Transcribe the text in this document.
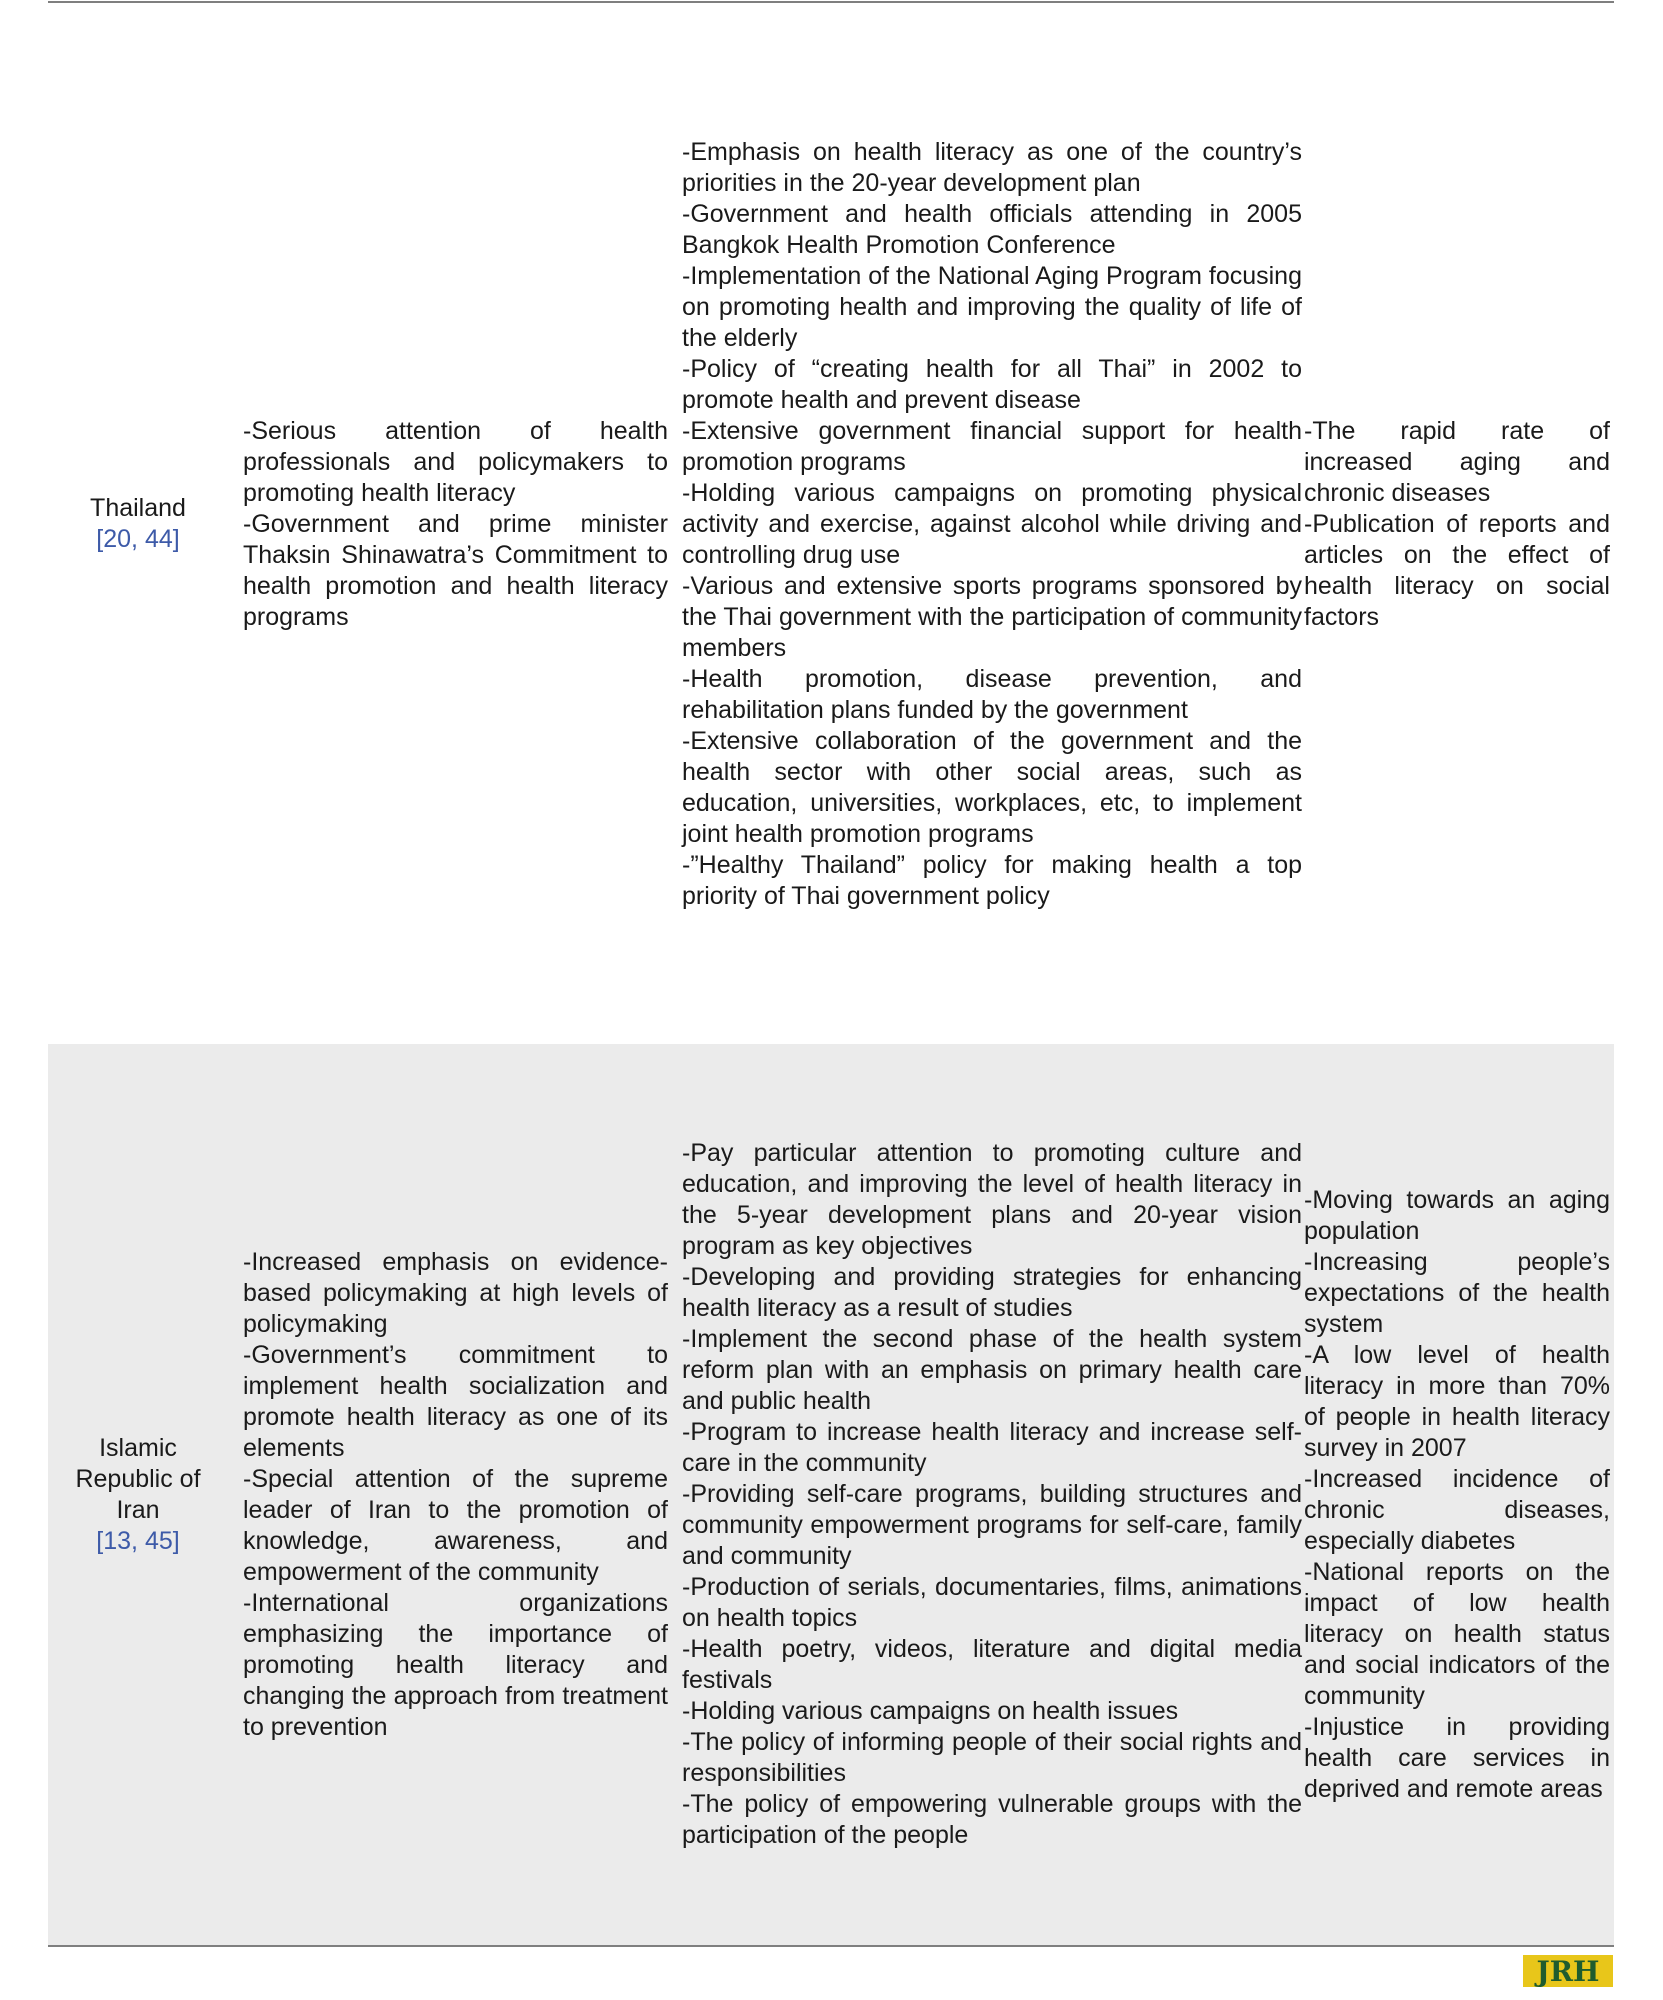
Thailand
[20, 44]

-Serious attention of health professionals and policymakers to promoting health literacy

-Government and prime minister Thaksin Shinawatra’s Commitment to health promotion and health literacy programs

-Emphasis on health literacy as one of the country’s priorities in the 20-year development plan

-Government and health officials attending in 2005 Bangkok Health Promotion Conference

-Implementation of the National Aging Program focusing on promoting health and improving the quality of life of the elderly

-Policy of “creating health for all Thai” in 2002 to promote health and prevent disease

-Extensive government financial support for health promotion programs

-Holding various campaigns on promoting physical activity and exercise, against alcohol while driving and controlling drug use

-Various and extensive sports programs sponsored by the Thai government with the participation of community members

-Health promotion, disease prevention, and rehabilitation plans funded by the government

-Extensive collaboration of the government and the health sector with other social areas, such as education, universities, workplaces, etc, to implement joint health promotion programs

-”Healthy Thailand” policy for making health a top priority of Thai government policy

-The rapid rate of increased aging and chronic diseases

-Publication of reports and articles on the effect of health literacy on social factors

Islamic Republic of Iran
[13, 45]

-Increased emphasis on evidence-based policymaking at high levels of policymaking

-Government’s commitment to implement health socialization and promote health literacy as one of its elements

-Special attention of the supreme leader of Iran to the promotion of knowledge, awareness, and empowerment of the community

-International organizations emphasizing the importance of promoting health literacy and changing the approach from treatment to prevention

-Pay particular attention to promoting culture and education, and improving the level of health literacy in the 5-year development plans and 20-year vision program as key objectives

-Developing and providing strategies for enhancing health literacy as a result of studies

-Implement the second phase of the health system reform plan with an emphasis on primary health care and public health

-Program to increase health literacy and increase self-care in the community

-Providing self-care programs, building structures and community empowerment programs for self-care, family and community

-Production of serials, documentaries, films, animations on health topics

-Health poetry, videos, literature and digital media festivals

-Holding various campaigns on health issues

-The policy of informing people of their social rights and responsibilities

-The policy of empowering vulnerable groups with the participation of the people

-Moving towards an aging population

-Increasing people’s expectations of the health system

-A low level of health literacy in more than 70% of people in health literacy survey in 2007

-Increased incidence of chronic diseases, especially diabetes

-National reports on the impact of low health literacy on health status and social indicators of the community

-Injustice in providing health care services in deprived and remote areas

JRH
